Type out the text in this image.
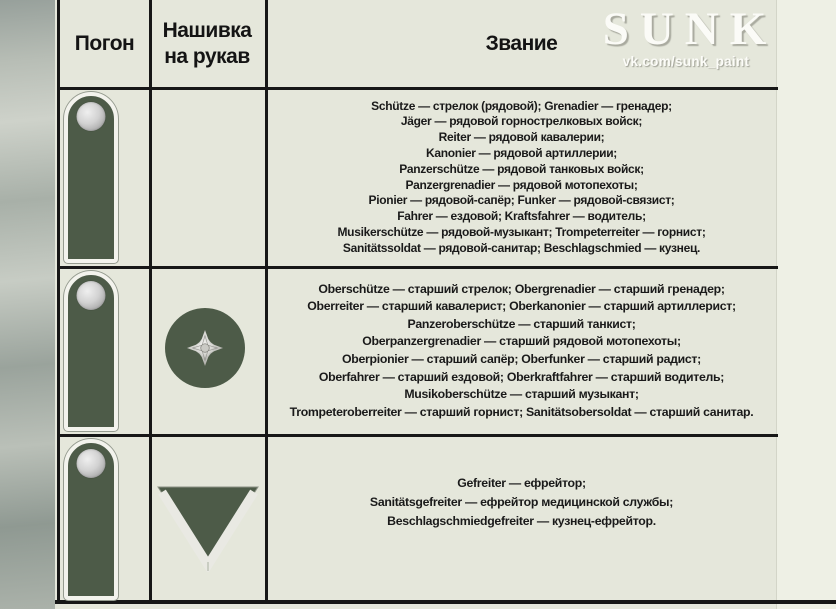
Погон
Нашивка на рукав
Звание SUNK
vk.com/sunk_paint
Schütze — стрелок (рядовой); Grenadier — гренадер;
Jäger — рядовой горнострелковых войск;
Reiter — рядовой кавалерии;
Kanonier — рядовой артиллерии;
Panzerschütze — рядовой танковых войск;
Panzergrenadier — рядовой мотопехоты;
Pionier — рядовой-сапёр; Funker — рядовой-связист;
Fahrer — ездовой; Kraftsfahrer — водитель;
Musikerschütze — рядовой-музыкант; Trompeterreiter — горнист;
Sanitätssoldat — рядовой-санитар; Beschlagschmied — кузнец.
Oberschütze — старший стрелок; Obergrenadier — старший гренадер;
Oberreiter — старший кавалерист; Oberkanonier — старший артиллерист;
Panzeroberschütze — старший танкист;
Oberpanzergrenadier — старший рядовой мотопехоты;
Oberpionier — старший сапёр; Oberfunker — старший радист;
Oberfahrer — старший ездовой; Oberkraftfahrer — старший водитель;
Musikoberschütze — старший музыкант;
Trompeteroberreiter — старший горнист; Sanitätsobersoldat — старший санитар.
Gefreiter — ефрейтор;
Sanitätsgefreiter — ефрейтор медицинской службы;
Beschlagschmiedgefreiter — кузнец-ефрейтор.
